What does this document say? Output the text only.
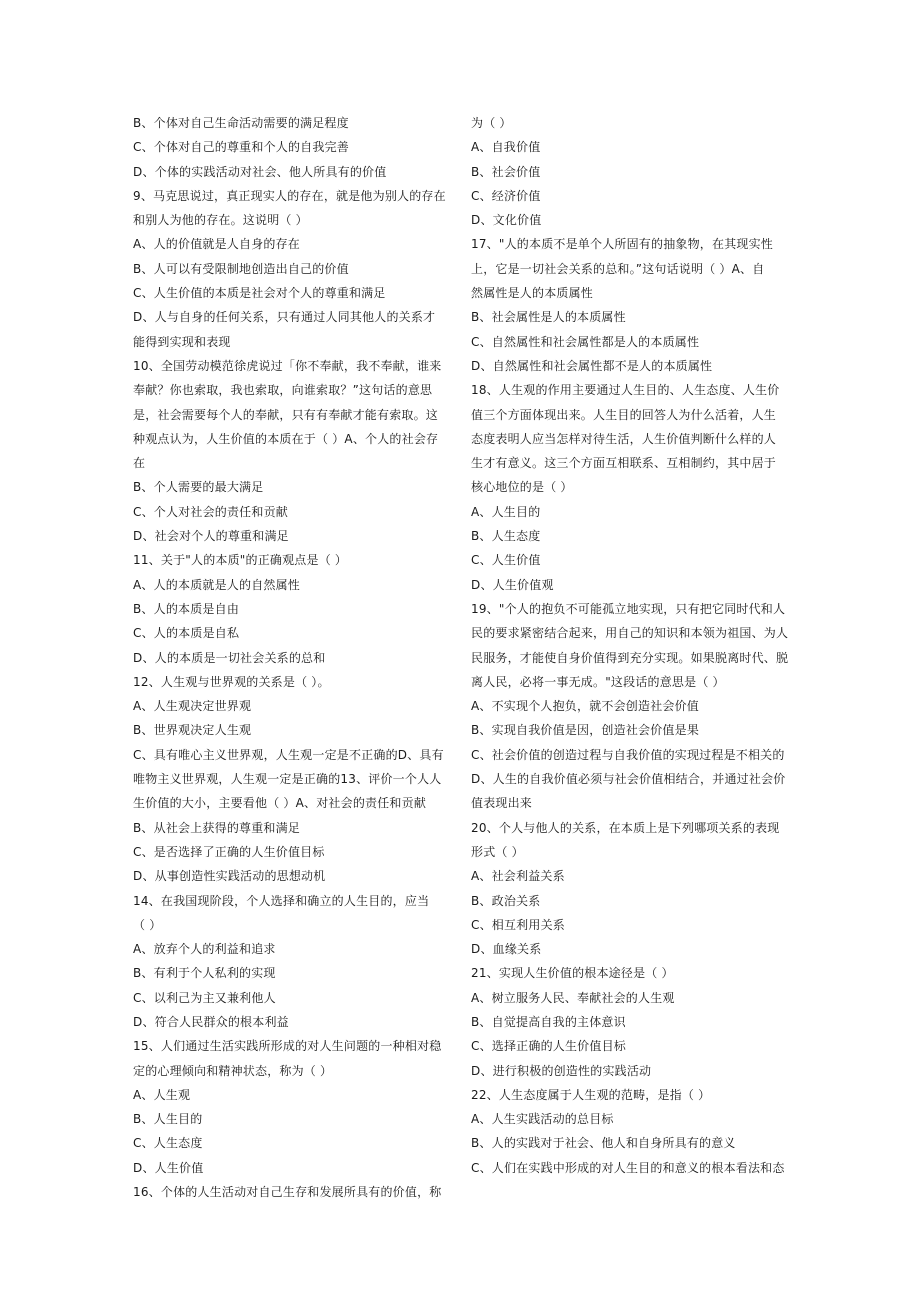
B、个体对自己生命活动需要的满足程度
C、个体对自己的尊重和个人的自我完善
D、个体的实践活动对社会、他人所具有的价值
9、马克思说过，真正现实人的存在，就是他为别人的存在
和别人为他的存在。这说明（ ）
A、人的价值就是人自身的存在
B、人可以有受限制地创造出自己的价值
C、人生价值的本质是社会对个人的尊重和满足
D、人与自身的任何关系，只有通过人同其他人的关系才
能得到实现和表现
10、全国劳动模范徐虎说过「你不奉献，我不奉献，谁来
奉献？你也索取，我也索取，向谁索取？”这句话的意思
是，社会需要每个人的奉献，只有有奉献才能有索取。这
种观点认为，人生价值的本质在于（ ）A、个人的社会存
在
B、个人需要的最大满足
C、个人对社会的责任和贡献
D、社会对个人的尊重和满足
11、关于"人的本质"的正确观点是（ ）
A、人的本质就是人的自然属性
B、人的本质是自由
C、人的本质是自私
D、人的本质是一切社会关系的总和
12、人生观与世界观的关系是（ ）。
A、人生观决定世界观
B、世界观决定人生观
C、具有唯心主义世界观，人生观一定是不正确的D、具有
唯物主义世界观，人生观一定是正确的13、评价一个人人
生价值的大小，主要看他（ ）A、对社会的责任和贡献
B、从社会上获得的尊重和满足
C、是否选择了正确的人生价值目标
D、从事创造性实践活动的思想动机
14、在我国现阶段，个人选择和确立的人生目的，应当
（ ）
A、放弃个人的利益和追求
B、有利于个人私利的实现
C、以利己为主又兼利他人
D、符合人民群众的根本利益
15、人们通过生活实践所形成的对人生问题的一种相对稳
定的心理倾向和精神状态，称为（ ）
A、人生观
B、人生目的
C、人生态度
D、人生价值
16、个体的人生活动对自己生存和发展所具有的价值，称
为（ ）
A、自我价值
B、社会价值
C、经济价值
D、文化价值
17、"人的本质不是单个人所固有的抽象物，在其现实性
上，它是一切社会关系的总和。”这句话说明（ ）A、自
然属性是人的本质属性
B、社会属性是人的本质属性
C、自然属性和社会属性都是人的本质属性
D、自然属性和社会属性都不是人的本质属性
18、人生观的作用主要通过人生目的、人生态度、人生价
值三个方面体现出来。人生目的回答人为什么活着，人生
态度表明人应当怎样对待生活，人生价值判断什么样的人
生才有意义。这三个方面互相联系、互相制约，其中居于
核心地位的是（ ）
A、人生目的
B、人生态度
C、人生价值
D、人生价值观
19、"个人的抱负不可能孤立地实现，只有把它同时代和人
民的要求紧密结合起来，用自己的知识和本领为祖国、为人
民服务，才能使自身价值得到充分实现。如果脱离时代、脱
离人民，必将一事无成。"这段话的意思是（ ）
A、不实现个人抱负，就不会创造社会价值
B、实现自我价值是因，创造社会价值是果
C、社会价值的创造过程与自我价值的实现过程是不相关的
D、人生的自我价值必须与社会价值相结合，并通过社会价
值表现出来
20、个人与他人的关系，在本质上是下列哪项关系的表现
形式（ ）
A、社会利益关系
B、政治关系
C、相互利用关系
D、血缘关系
21、实现人生价值的根本途径是（ ）
A、树立服务人民、奉献社会的人生观
B、自觉提高自我的主体意识
C、选择正确的人生价值目标
D、进行积极的创造性的实践活动
22、人生态度属于人生观的范畴，是指（ ）
A、人生实践活动的总目标
B、人的实践对于社会、他人和自身所具有的意义
C、人们在实践中形成的对人生目的和意义的根本看法和态
